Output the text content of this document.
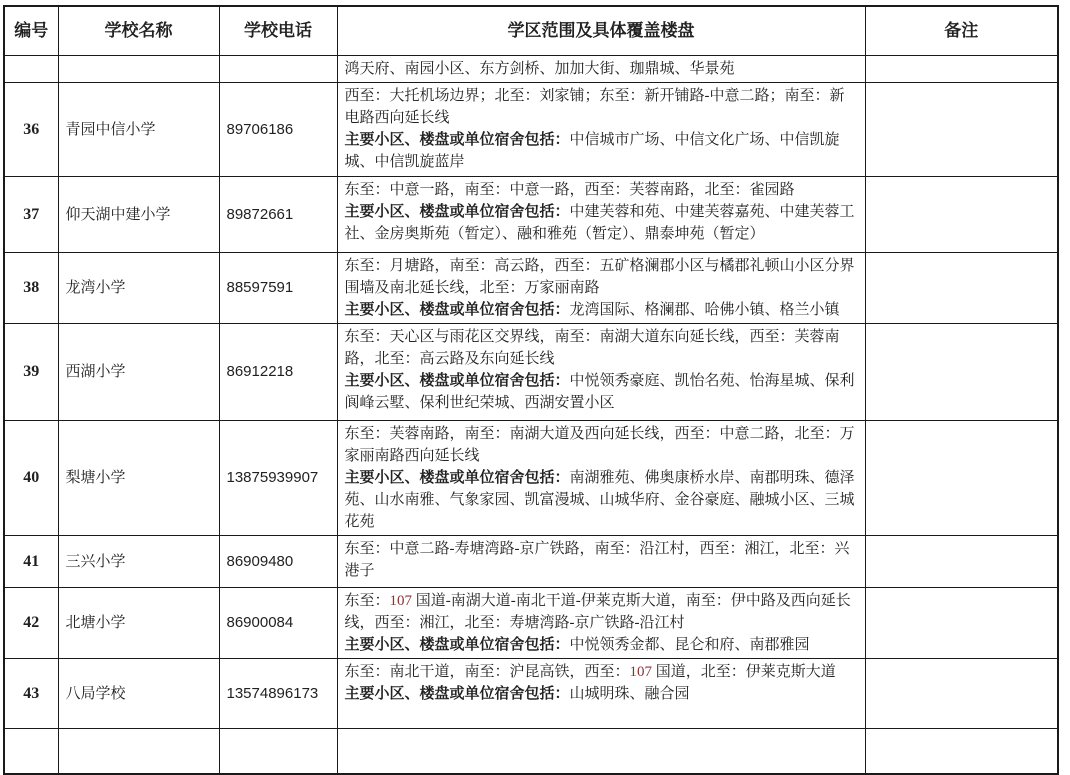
编号	学校名称	学校电话	学区范围及具体覆盖楼盘	备注

			鸿天府、南园小区、东方剑桥、加加大街、珈鼎城、华景苑	

36	青园中信小学	89706186	西至：大托机场边界；北至：刘家铺；东至：新开铺路-中意二路；南至：新电路西向延长线
主要小区、楼盘或单位宿舍包括：中信城市广场、中信文化广场、中信凯旋城、中信凯旋蓝岸	

37	仰天湖中建小学	89872661	东至：中意一路，南至：中意一路，西至：芙蓉南路，北至：雀园路
主要小区、楼盘或单位宿舍包括：中建芙蓉和苑、中建芙蓉嘉苑、中建芙蓉工社、金房奥斯苑（暂定）、融和雅苑（暂定）、鼎泰坤苑（暂定）	

38	龙湾小学	88597591	东至：月塘路，南至：高云路，西至：五矿格澜郡小区与橘郡礼顿山小区分界围墙及南北延长线，北至：万家丽南路
主要小区、楼盘或单位宿舍包括：龙湾国际、格澜郡、哈佛小镇、格兰小镇	

39	西湖小学	86912218	东至：天心区与雨花区交界线，南至：南湖大道东向延长线，西至：芙蓉南路，北至：高云路及东向延长线
主要小区、楼盘或单位宿舍包括：中悦领秀豪庭、凯怡名苑、怡海星城、保利阆峰云墅、保利世纪荣城、西湖安置小区	

40	梨塘小学	13875939907	东至：芙蓉南路，南至：南湖大道及西向延长线，西至：中意二路，北至：万家丽南路西向延长线
主要小区、楼盘或单位宿舍包括：南湖雅苑、佛奥康桥水岸、南郡明珠、德泽苑、山水南雅、气象家园、凯富漫城、山城华府、金谷豪庭、融城小区、三城花苑	

41	三兴小学	86909480	东至：中意二路-寿塘湾路-京广铁路，南至：沿江村，西至：湘江，北至：兴港子	

42	北塘小学	86900084	东至：107 国道-南湖大道-南北干道-伊莱克斯大道，南至：伊中路及西向延长线，西至：湘江，北至：寿塘湾路-京广铁路-沿江村
主要小区、楼盘或单位宿舍包括：中悦领秀金都、昆仑和府、南郡雅园	

43	八局学校	13574896173	东至：南北干道，南至：沪昆高铁，西至：107 国道，北至：伊莱克斯大道
主要小区、楼盘或单位宿舍包括：山城明珠、融合园	
